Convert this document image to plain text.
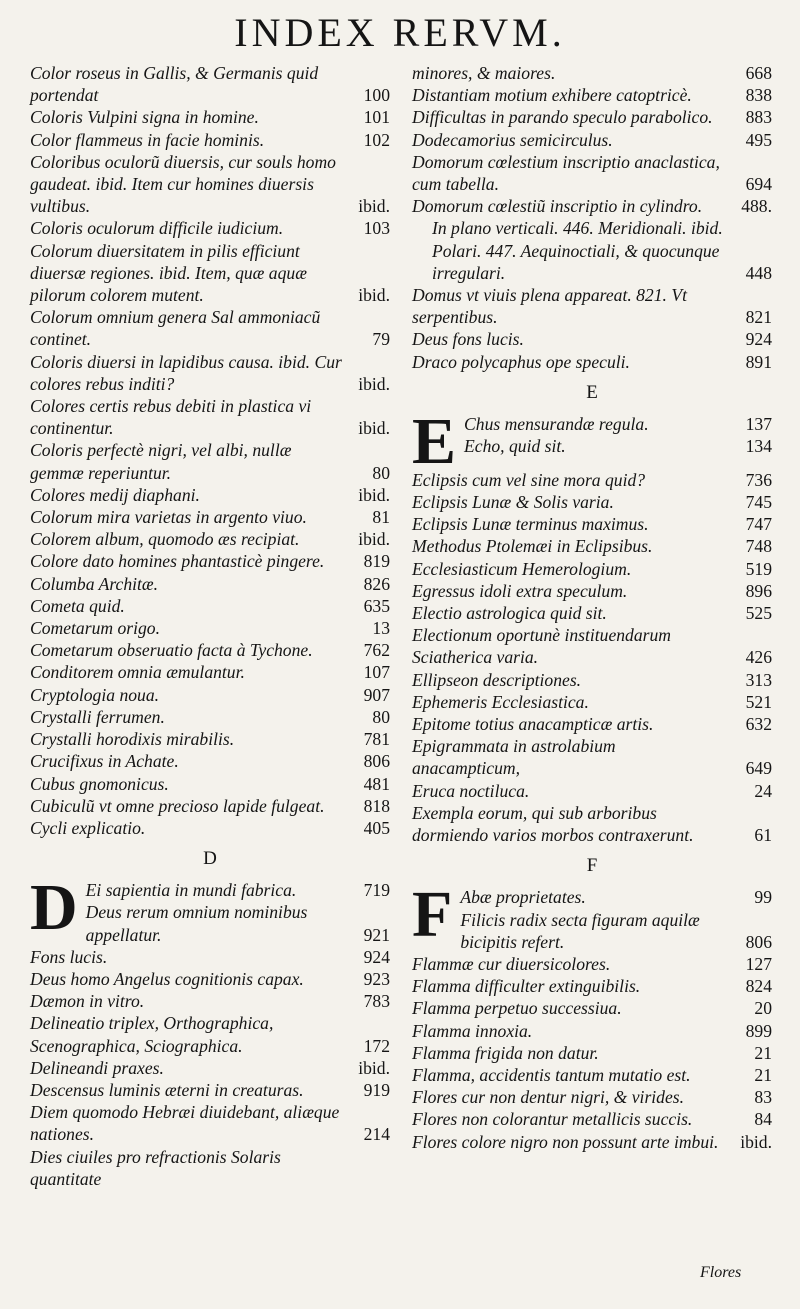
INDEX RERVM.
Color roseus in Gallis, & Germanis quid portendat	100
Coloris Vulpini signa in homine.	101
Color flammeus in facie hominis.	102
Coloribus oculorũ diuersis, cur souls homo gaudeat. ibid. Item cur homines diuersis vultibus.	ibid.
Coloris oculorum difficile iudicium.	103
Colorum diuersitatem in pilis efficiunt diuersæ regiones. ibid. Item, quæ aquæ pilorum colorem mutent.	ibid.
Colorum omnium genera Sal ammoniacũ continet.	79
Coloris diuersi in lapidibus causa. ibid. Cur colores rebus inditi?	ibid.
Colores certis rebus debiti in plastica vi continentur.	ibid.
Coloris perfectè nigri, vel albi, nullæ gemmæ reperiuntur.	80
Colores medij diaphani.	ibid.
Colorum mira varietas in argento viuo.	81
Colorem album, quomodo æs recipiat.	ibid.
Colore dato homines phantasticè pingere. 819
Columba Architæ.	826
Cometa quid.	635
Cometarum origo.	13
Cometarum obseruatio facta à Tychone.	762
Conditorem omnia æmulantur.	107
Cryptologia noua.	907
Crystalli ferrumen.	80
Crystalli horodixis mirabilis.	781
Crucifixus in Achate.	806
Cubus gnomonicus.	481
Cubiculũ vt omne precioso lapide fulgeat. 818
Cycli explicatio.	405
D
D Ei sapientia in mundi fabrica.	719
Deus rerum omnium nominibus appellatur.	921
Fons lucis.	924
Deus homo Angelus cognitionis capax.	923
Dæmon in vitro.	783
Delineatio triplex, Orthographica, Scenographica, Sciographica.	172
Delineandi praxes.	ibid.
Descensus luminis æterni in creaturas.	919
Diem quomodo Hebræi diuidebant, aliæque nationes.	214
Dies ciuiles pro refractionis Solaris quantitate
minores, & maiores.	668
Distantiam motium exhibere catoptricè.	838
Difficultas in parando speculo parabolico. 883
Dodecamorius semicirculus.	495
Domorum cœlestium inscriptio anaclastica, cum tabella.	694
Domorum cœlestiũ inscriptio in cylindro. 488.
In plano verticali. 446. Meridionali. ibid. Polari. 447. Aequinoctiali, & quocunque irregulari.	448
Domus vt viuis plena appareat. 821. Vt serpentibus.	821
Deus fons lucis.	924
Draco polycaphus ope speculi.	891
E
E Chus mensurandæ regula.	137
Echo, quid sit.	134
Eclipsis cum vel sine mora quid?	736
Eclipsis Lunæ & Solis varia.	745
Eclipsis Lunæ terminus maximus.	747
Methodus Ptolemæi in Eclipsibus.	748
Ecclesiasticum Hemerologium.	519
Egressus idoli extra speculum.	896
Electio astrologica quid sit.	525
Electionum oportunè instituendarum Sciatherica varia.	426
Ellipseon descriptiones.	313
Ephemeris Ecclesiastica.	521
Epitome totius anacampticæ artis.	632
Epigrammata in astrolabium anacampticum,	649
Eruca noctiluca.	24
Exempla eorum, qui sub arboribus dormiendo varios morbos contraxerunt.	61
F
F Abæ proprietates.	99
Filicis radix secta figuram aquilæ bicipitis refert.	806
Flammæ cur diuersicolores.	127
Flamma difficulter extinguibilis.	824
Flamma perpetuo successiua.	20
Flamma innoxia.	899
Flamma frigida non datur.	21
Flamma, accidentis tantum mutatio est.	21
Flores cur non dentur nigri, & virides.	83
Flores non colorantur metallicis succis.	84
Flores colore nigro non possunt arte imbui. ibid.
Flores
